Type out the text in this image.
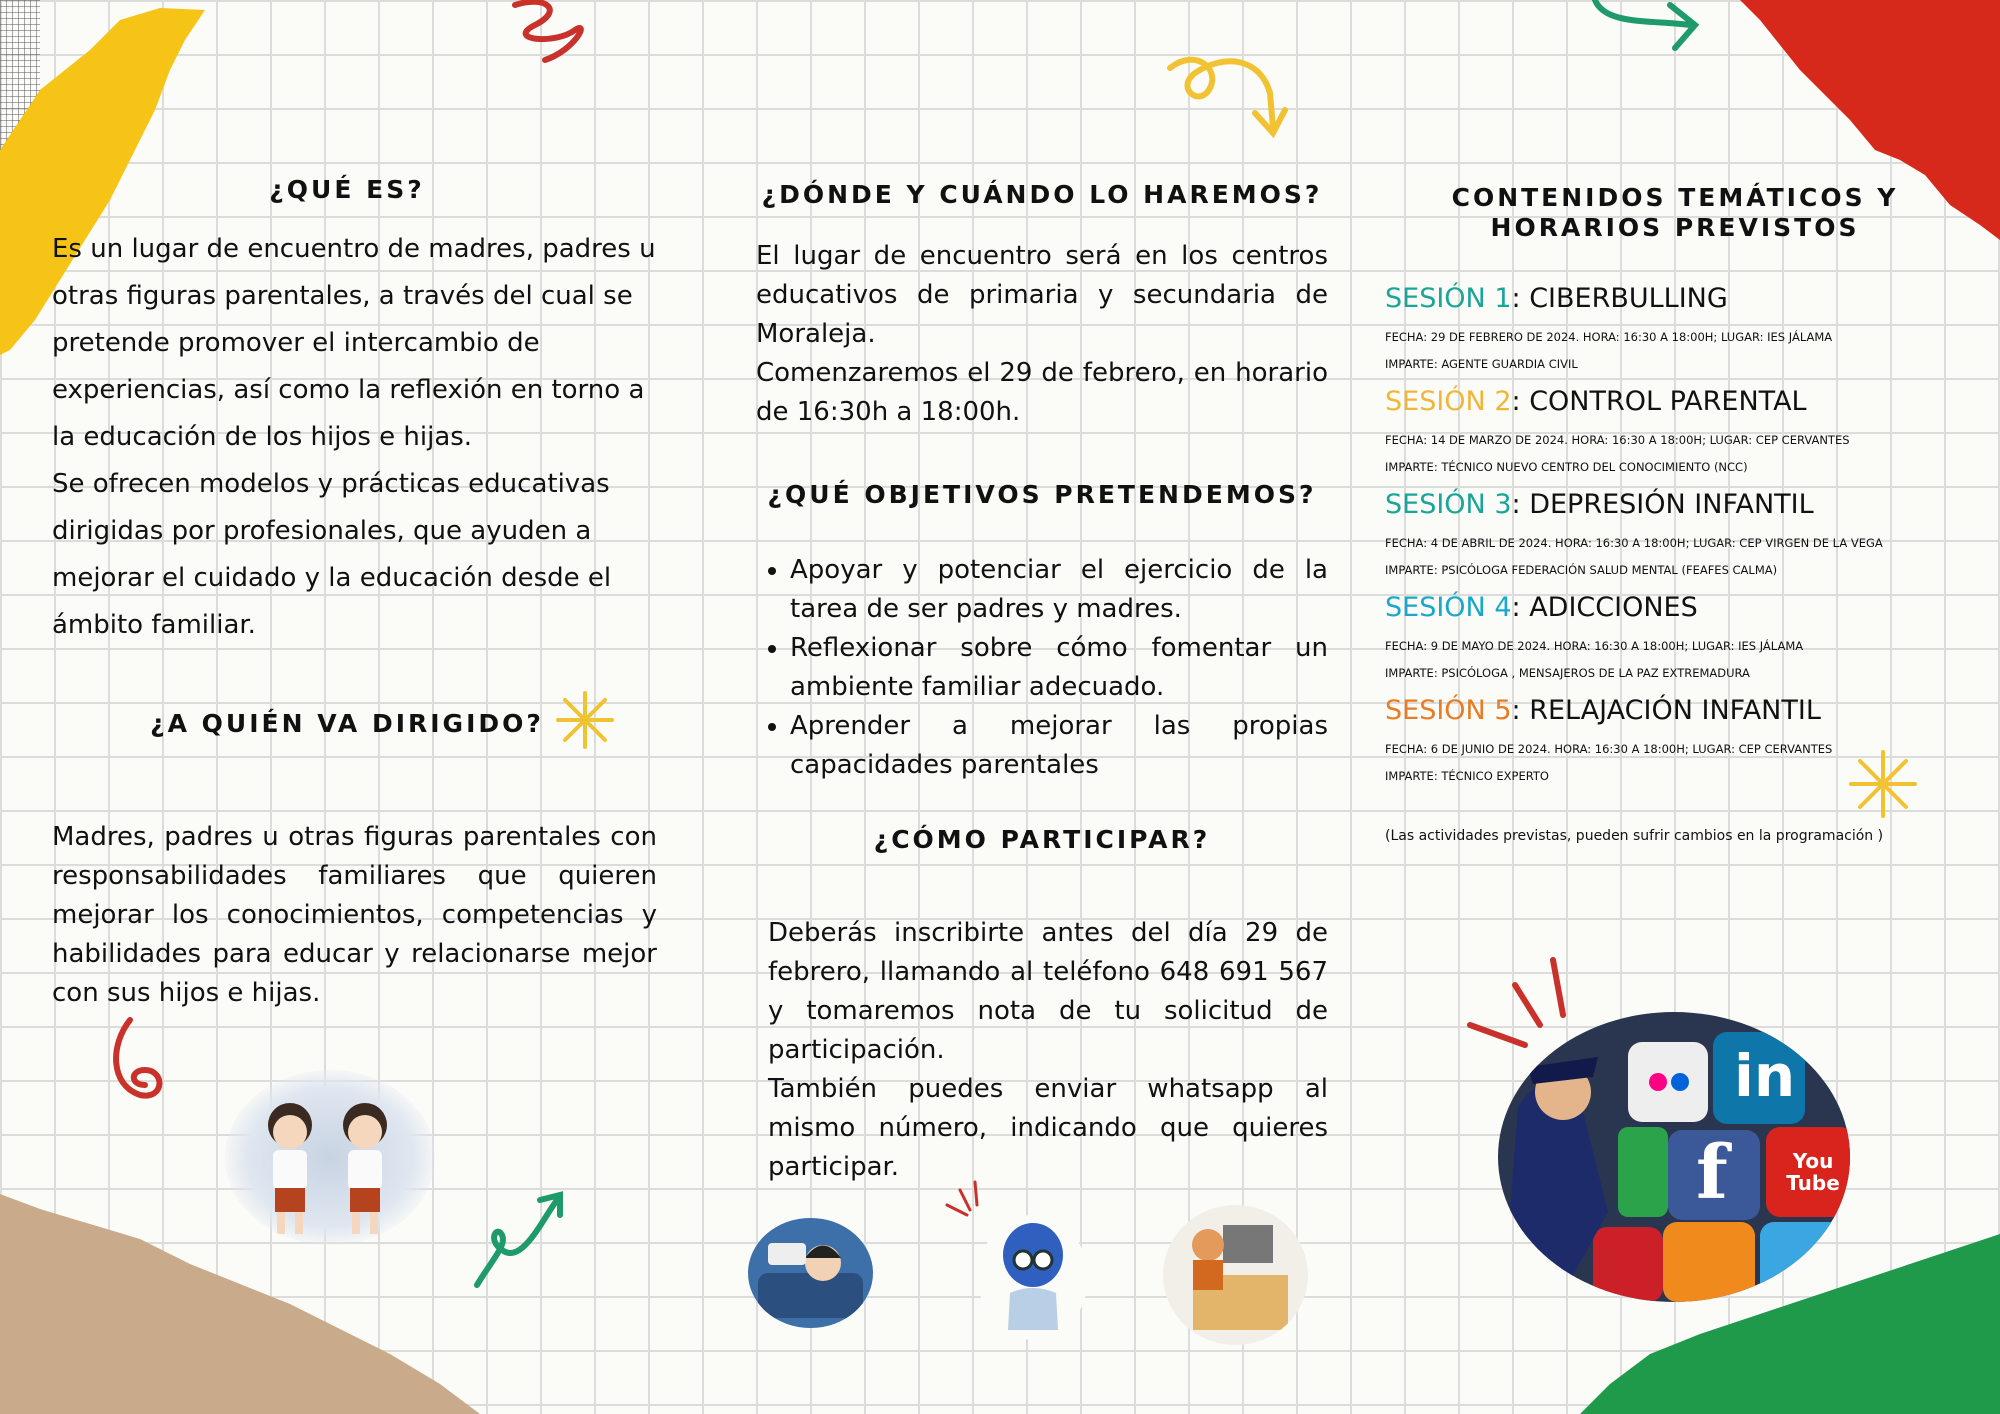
¿QUÉ ES?

Es un lugar de encuentro de madres, padres u otras figuras parentales, a través del cual se pretende promover el intercambio de experiencias, así como la reflexión en torno a la educación de los hijos e hijas.

Se ofrecen modelos y prácticas educativas dirigidas por profesionales, que ayuden a mejorar el cuidado y la educación desde el ámbito familiar.

¿A QUIÉN VA DIRIGIDO?

Madres, padres u otras figuras parentales con responsabilidades familiares que quieren mejorar los conocimientos, competencias y habilidades para educar y relacionarse mejor con sus hijos e hijas.

¿DÓNDE Y CUÁNDO LO HAREMOS?

El lugar de encuentro será en los centros educativos de primaria y secundaria de Moraleja.

Comenzaremos el 29 de febrero, en horario de 16:30h a 18:00h.

¿QUÉ OBJETIVOS PRETENDEMOS?
• Apoyar y potenciar el ejercicio de la tarea de ser padres y madres.
• Reflexionar sobre cómo fomentar un ambiente familiar adecuado.
• Aprender a mejorar las propias capacidades parentales
¿CÓMO PARTICIPAR?

Deberás inscribirte antes del día 29 de febrero, llamando al teléfono 648 691 567 y tomaremos nota de tu solicitud de participación.

También puedes enviar whatsapp al mismo número, indicando que quieres participar.

CONTENIDOS TEMÁTICOS Y HORARIOS PREVISTOS

SESIÓN 1: CIBERBULLING

FECHA: 29 DE FEBRERO DE 2024. HORA: 16:30 A 18:00H; LUGAR: IES JÁLAMA

IMPARTE: AGENTE GUARDIA CIVIL

SESIÓN 2: CONTROL PARENTAL

FECHA: 14 DE MARZO DE 2024. HORA: 16:30 A 18:00H; LUGAR: CEP CERVANTES

IMPARTE: TÉCNICO NUEVO CENTRO DEL CONOCIMIENTO (NCC)

SESIÓN 3: DEPRESIÓN INFANTIL

FECHA: 4 DE ABRIL DE 2024. HORA: 16:30 A 18:00H; LUGAR: CEP VIRGEN DE LA VEGA

IMPARTE: PSICÓLOGA FEDERACIÓN SALUD MENTAL (FEAFES CALMA)

SESIÓN 4: ADICCIONES

FECHA: 9 DE MAYO DE 2024. HORA: 16:30 A 18:00H; LUGAR: IES JÁLAMA

IMPARTE: PSICÓLOGA , MENSAJEROS DE LA PAZ EXTREMADURA

SESIÓN 5: RELAJACIÓN INFANTIL

FECHA: 6 DE JUNIO DE 2024. HORA: 16:30 A 18:00H; LUGAR: CEP CERVANTES

IMPARTE: TÉCNICO EXPERTO

(Las actividades previstas, pueden sufrir cambios en la programación )

in
f	You Tube
